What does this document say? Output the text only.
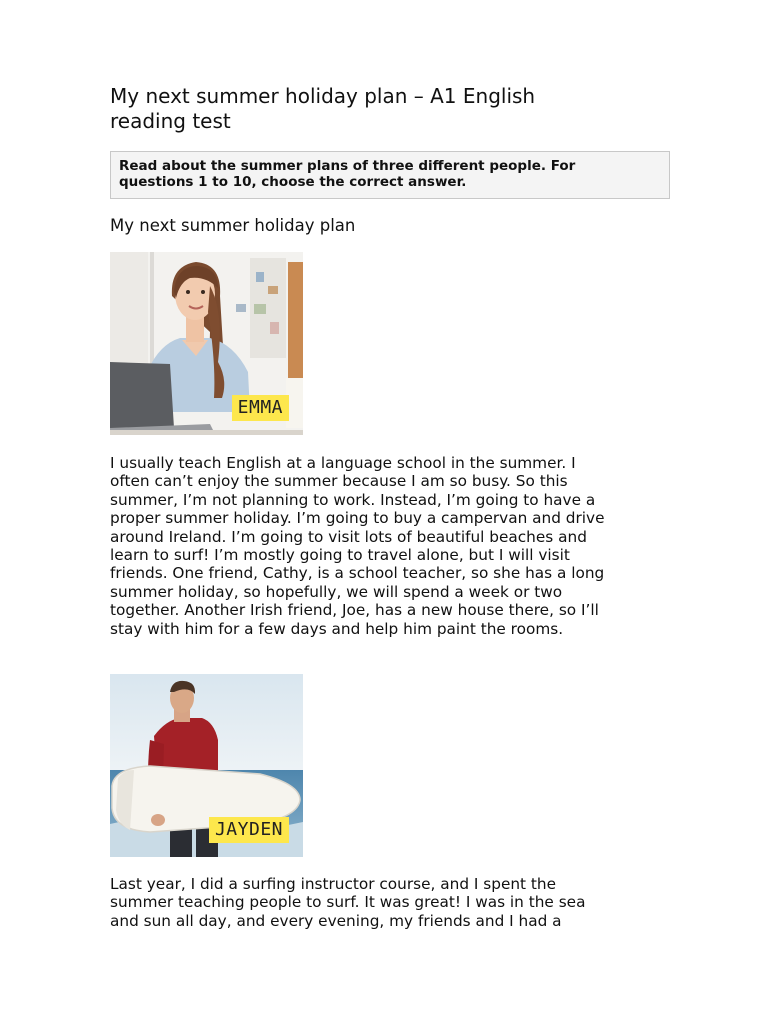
My next summer holiday plan – A1 English
reading test
Read about the summer plans of three different people. For
questions 1 to 10, choose the correct answer.
My next summer holiday plan
EMMA

I usually teach English at a language school in the summer. I
often can’t enjoy the summer because I am so busy. So this
summer, I’m not planning to work. Instead, I’m going to have a
proper summer holiday. I’m going to buy a campervan and drive
around Ireland. I’m going to visit lots of beautiful beaches and
learn to surf! I’m mostly going to travel alone, but I will visit
friends. One friend, Cathy, is a school teacher, so she has a long
summer holiday, so hopefully, we will spend a week or two
together. Another Irish friend, Joe, has a new house there, so I’ll
stay with him for a few days and help him paint the rooms.

JAYDEN

Last year, I did a surfing instructor course, and I spent the
summer teaching people to surf. It was great! I was in the sea
and sun all day, and every evening, my friends and I had a
